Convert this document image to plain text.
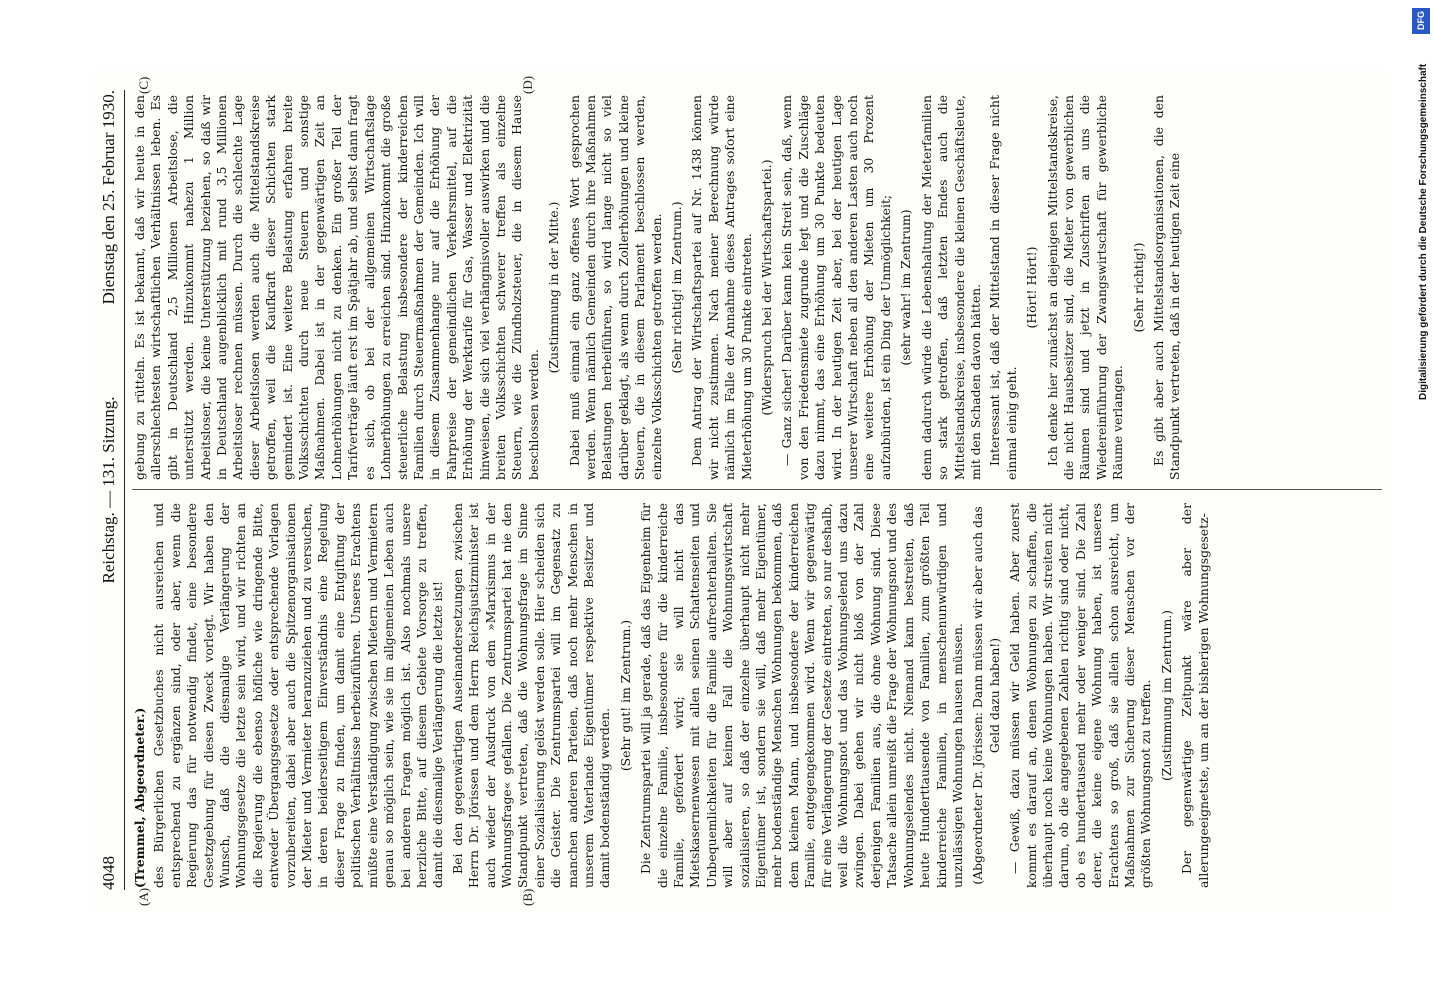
4048
Reichstag. — 131. Sitzung.
Dienstag den 25. Februar 1930.

(Tremmel, Abgeordneter.) des Bürgerlichen Gesetzbuches nicht ausreichen und entsprechend zu ergänzen sind, oder aber, wenn die Regierung das für notwendig findet, eine besondere Gesetzgebung für diesen Zweck vorlegt. Wir haben den Wunsch, daß die diesmalige Verlängerung der Wohnungsgesetze die letzte sein wird, und wir richten an die Regierung die ebenso höfliche wie dringende Bitte, entweder Übergangsgesetze oder entsprechende Vorlagen vorzubereiten, dabei aber auch die Spitzenorganisationen der Mieter und Vermieter heranzuziehen und zu versuchen, in deren beiderseitigem Einverständnis eine Regelung dieser Frage zu finden, um damit eine Entgiftung der politischen Verhältnisse herbeizuführen. Unseres Erachtens müßte eine Verständigung zwischen Mietern und Vermietern genau so möglich sein, wie sie im allgemeinen Leben auch bei anderen Fragen möglich ist. Also nochmals unsere herzliche Bitte, auf diesem Gebiete Vorsorge zu treffen, damit die diesmalige Verlängerung die letzte ist! Bei den gegenwärtigen Auseinandersetzungen zwischen Herrn Dr. Jörissen und dem Herrn Reichsjustizminister ist auch wieder der Ausdruck von dem »Marxismus in der Wohnungsfrage« gefallen. Die Zentrumspartei hat nie den Standpunkt vertreten, daß die Wohnungsfrage im Sinne einer Sozialisierung gelöst werden solle. Hier scheiden sich die Geister. Die Zentrumspartei will im Gegensatz zu manchen anderen Parteien, daß noch mehr Menschen in unserem Vaterlande Eigentümer respektive Besitzer und damit bodenständig werden.

(Sehr gut! im Zentrum.) Die Zentrumspartei will ja gerade, daß das Eigenheim für die einzelne Familie, insbesondere für die kinderreiche Familie, gefördert wird; sie will nicht das Mietskasernenwesen mit allen seinen Schattenseiten und Unbequemlichkeiten für die Familie aufrechterhalten. Sie will aber auf keinen Fall die Wohnungswirtschaft sozialisieren, so daß der einzelne überhaupt nicht mehr Eigentümer ist, sondern sie will, daß mehr Eigentümer, mehr bodenständige Menschen Wohnungen bekommen, daß dem kleinen Mann, und insbesondere der kinderreichen Familie, entgegengekommen wird. Wenn wir gegenwärtig für eine Verlängerung der Gesetze eintreten, so nur deshalb, weil die Wohnungsnot und das Wohnungselend uns dazu zwingen. Dabei gehen wir nicht bloß von der Zahl derjenigen Familien aus, die ohne Wohnung sind. Diese Tatsache allein umreißt die Frage der Wohnungsnot und des Wohnungselendes nicht. Niemand kann bestreiten, daß heute Hunderttausende von Familien, zum größten Teil kinderreiche Familien, in menschenunwürdigen und unzulässigen Wohnungen hausen müssen. (Abgeordneter Dr. Jörissen: Dann müssen wir aber auch das Geld dazu haben!) — Gewiß, dazu müssen wir Geld haben. Aber zuerst kommt es darauf an, denen Wohnungen zu schaffen, die überhaupt noch keine Wohnungen haben. Wir streiten nicht darum, ob die angegebenen Zahlen richtig sind oder nicht, ob es hunderttausend mehr oder weniger sind. Die Zahl derer, die keine eigene Wohnung haben, ist unseres Erachtens so groß, daß sie allein schon ausreicht, um Maßnahmen zur Sicherung dieser Menschen vor der größten Wohnungsnot zu treffen. (Zustimmung im Zentrum.) Der gegenwärtige Zeitpunkt wäre aber der allerungeeignetste, um an der bisherigen Wohnungsgesetz-

gebung zu rütteln. Es ist bekannt, daß wir heute in den allerschlechtesten wirtschaftlichen Verhältnissen leben. Es gibt in Deutschland 2,5 Millionen Arbeitslose, die unterstützt werden. Hinzukommt nahezu 1 Million Arbeitsloser, die keine Unterstützung beziehen, so daß wir in Deutschland augenblicklich mit rund 3,5 Millionen Arbeitsloser rechnen müssen. Durch die schlechte Lage dieser Arbeitslosen werden auch die Mittelstandskreise getroffen, weil die Kaufkraft dieser Schichten stark gemindert ist. Eine weitere Belastung erfahren breite Volksschichten durch neue Steuern und sonstige Maßnahmen. Dabei ist in der gegenwärtigen Zeit an Lohnerhöhungen nicht zu denken. Ein großer Teil der Tarifverträge läuft erst im Spätjahr ab, und selbst dann fragt es sich, ob bei der allgemeinen Wirtschaftslage Lohnerhöhungen zu erreichen sind. Hinzukommt die große steuerliche Belastung insbesondere der kinderreichen Familien durch Steuermaßnahmen der Gemeinden. Ich will in diesem Zusammenhange nur auf die Erhöhung der Fahrpreise der gemeindlichen Verkehrsmittel, auf die Erhöhung der Werktarife für Gas, Wasser und Elektrizität hinweisen, die sich viel verhängnisvoller auswirken und die breiten Volksschichten schwerer treffen als einzelne Steuern, wie die Zündholzsteuer, die in diesem Hause beschlossen werden.

(Zustimmung in der Mitte.) Dabei muß einmal ein ganz offenes Wort gesprochen werden. Wenn nämlich Gemeinden durch ihre Maßnahmen Belastungen herbeiführen, so wird lange nicht so viel darüber geklagt, als wenn durch Zollerhöhungen und kleine Steuern, die in diesem Parlament beschlossen werden, einzelne Volksschichten getroffen werden. (Sehr richtig! im Zentrum.) Dem Antrag der Wirtschaftspartei auf Nr. 1438 können wir nicht zustimmen. Nach meiner Berechnung würde nämlich im Falle der Annahme dieses Antrages sofort eine Mieterhöhung um 30 Punkte eintreten. (Widerspruch bei der Wirtschaftspartei.) — Ganz sicher! Darüber kann kein Streit sein, daß, wenn von den Friedensmiete zugrunde legt und die Zuschläge dazu nimmt, das eine Erhöhung um 30 Punkte bedeuten wird. In der heutigen Zeit aber, bei der heutigen Lage unserer Wirtschaft neben all den anderen Lasten auch noch eine weitere Erhöhung der Mieten um 30 Prozent aufzubürden, ist ein Ding der Unmöglichkeit; (sehr wahr! im Zentrum) denn dadurch würde die Lebenshaltung der Mieterfamilien so stark getroffen, daß letzten Endes auch die Mittelstandskreise, insbesondere die kleinen Geschäftsleute, mit den Schaden davon hätten. Interessant ist, daß der Mittelstand in dieser Frage nicht einmal einig geht.

(Hört! Hört!) Ich denke hier zunächst an diejenigen Mittelstandskreise, die nicht Hausbesitzer sind, die Mieter von gewerblichen Räumen sind und jetzt in Zuschriften an uns die Wiedereinführung der Zwangswirtschaft für gewerbliche Räume verlangen.

(Sehr richtig!) Es gibt aber auch Mittelstandsorganisationen, die den Standpunkt vertreten, daß in der heutigen Zeit eine

(A)	(B)
(C)	(D)
DFG
Digitalisierung gefördert durch die Deutsche Forschungsgemeinschaft
